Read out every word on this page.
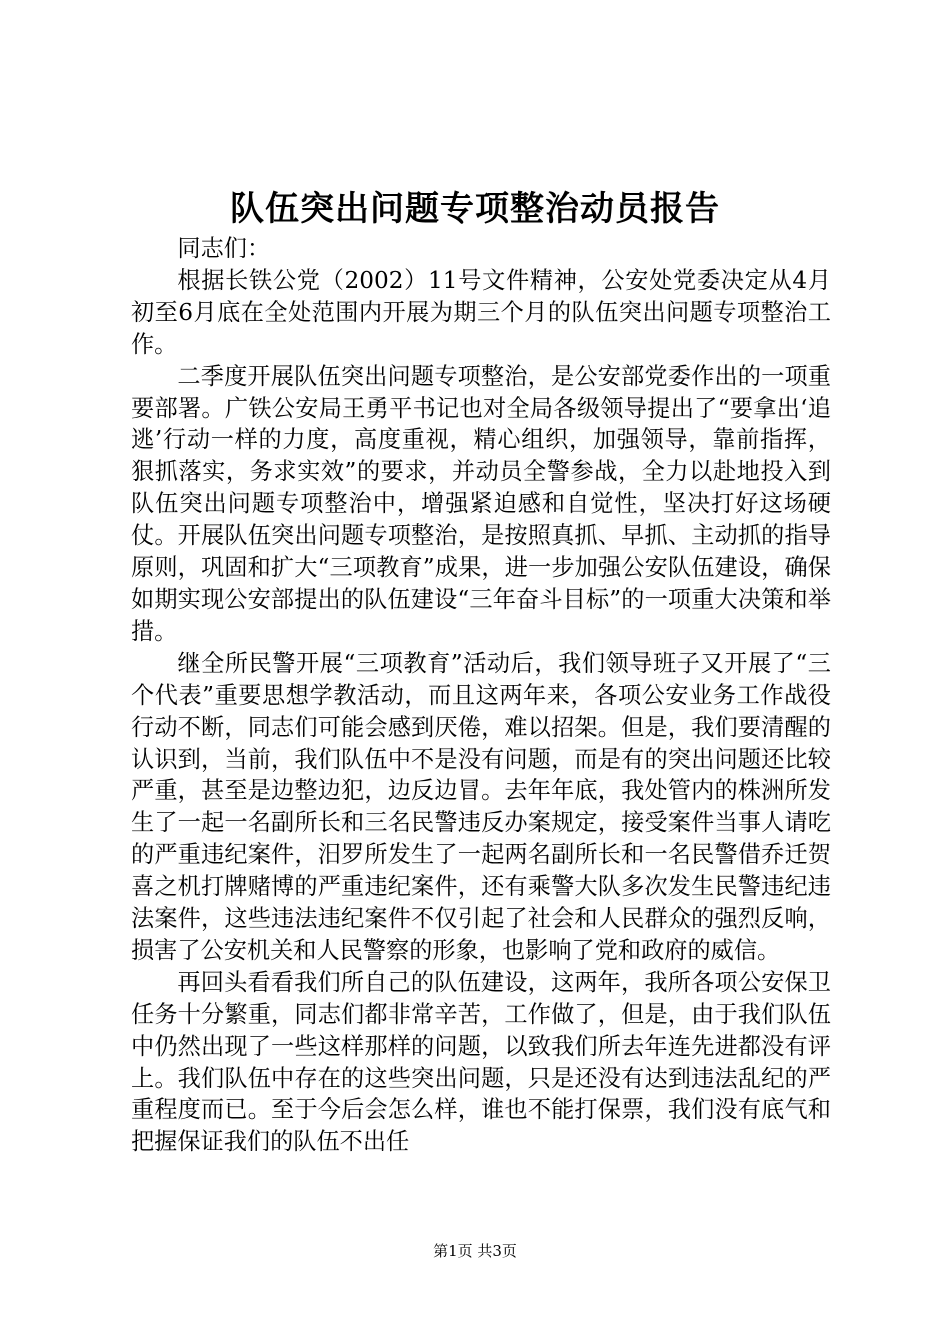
队伍突出问题专项整治动员报告

同志们：

根据长铁公党（2002）11号文件精神，公安处党委决定从4月初至6月底在全处范围内开展为期三个月的队伍突出问题专项整治工作。

二季度开展队伍突出问题专项整治，是公安部党委作出的一项重要部署。广铁公安局王勇平书记也对全局各级领导提出了“要拿出‘追逃’行动一样的力度，高度重视，精心组织，加强领导，靠前指挥，狠抓落实，务求实效”的要求，并动员全警参战，全力以赴地投入到队伍突出问题专项整治中，增强紧迫感和自觉性，坚决打好这场硬仗。开展队伍突出问题专项整治，是按照真抓、早抓、主动抓的指导原则，巩固和扩大“三项教育”成果，进一步加强公安队伍建设，确保如期实现公安部提出的队伍建设“三年奋斗目标”的一项重大决策和举措。

继全所民警开展“三项教育”活动后，我们领导班子又开展了“三个代表”重要思想学教活动，而且这两年来，各项公安业务工作战役行动不断，同志们可能会感到厌倦，难以招架。但是，我们要清醒的认识到，当前，我们队伍中不是没有问题，而是有的突出问题还比较严重，甚至是边整边犯，边反边冒。去年年底，我处管内的株洲所发生了一起一名副所长和三名民警违反办案规定，接受案件当事人请吃的严重违纪案件，汨罗所发生了一起两名副所长和一名民警借乔迁贺喜之机打牌赌博的严重违纪案件，还有乘警大队多次发生民警违纪违法案件，这些违法违纪案件不仅引起了社会和人民群众的强烈反响，损害了公安机关和人民警察的形象，也影响了党和政府的威信。

再回头看看我们所自己的队伍建设，这两年，我所各项公安保卫任务十分繁重，同志们都非常辛苦，工作做了，但是，由于我们队伍中仍然出现了一些这样那样的问题，以致我们所去年连先进都没有评上。我们队伍中存在的这些突出问题，只是还没有达到违法乱纪的严重程度而已。至于今后会怎么样，谁也不能打保票，我们没有底气和把握保证我们的队伍不出任

第1页 共3页
